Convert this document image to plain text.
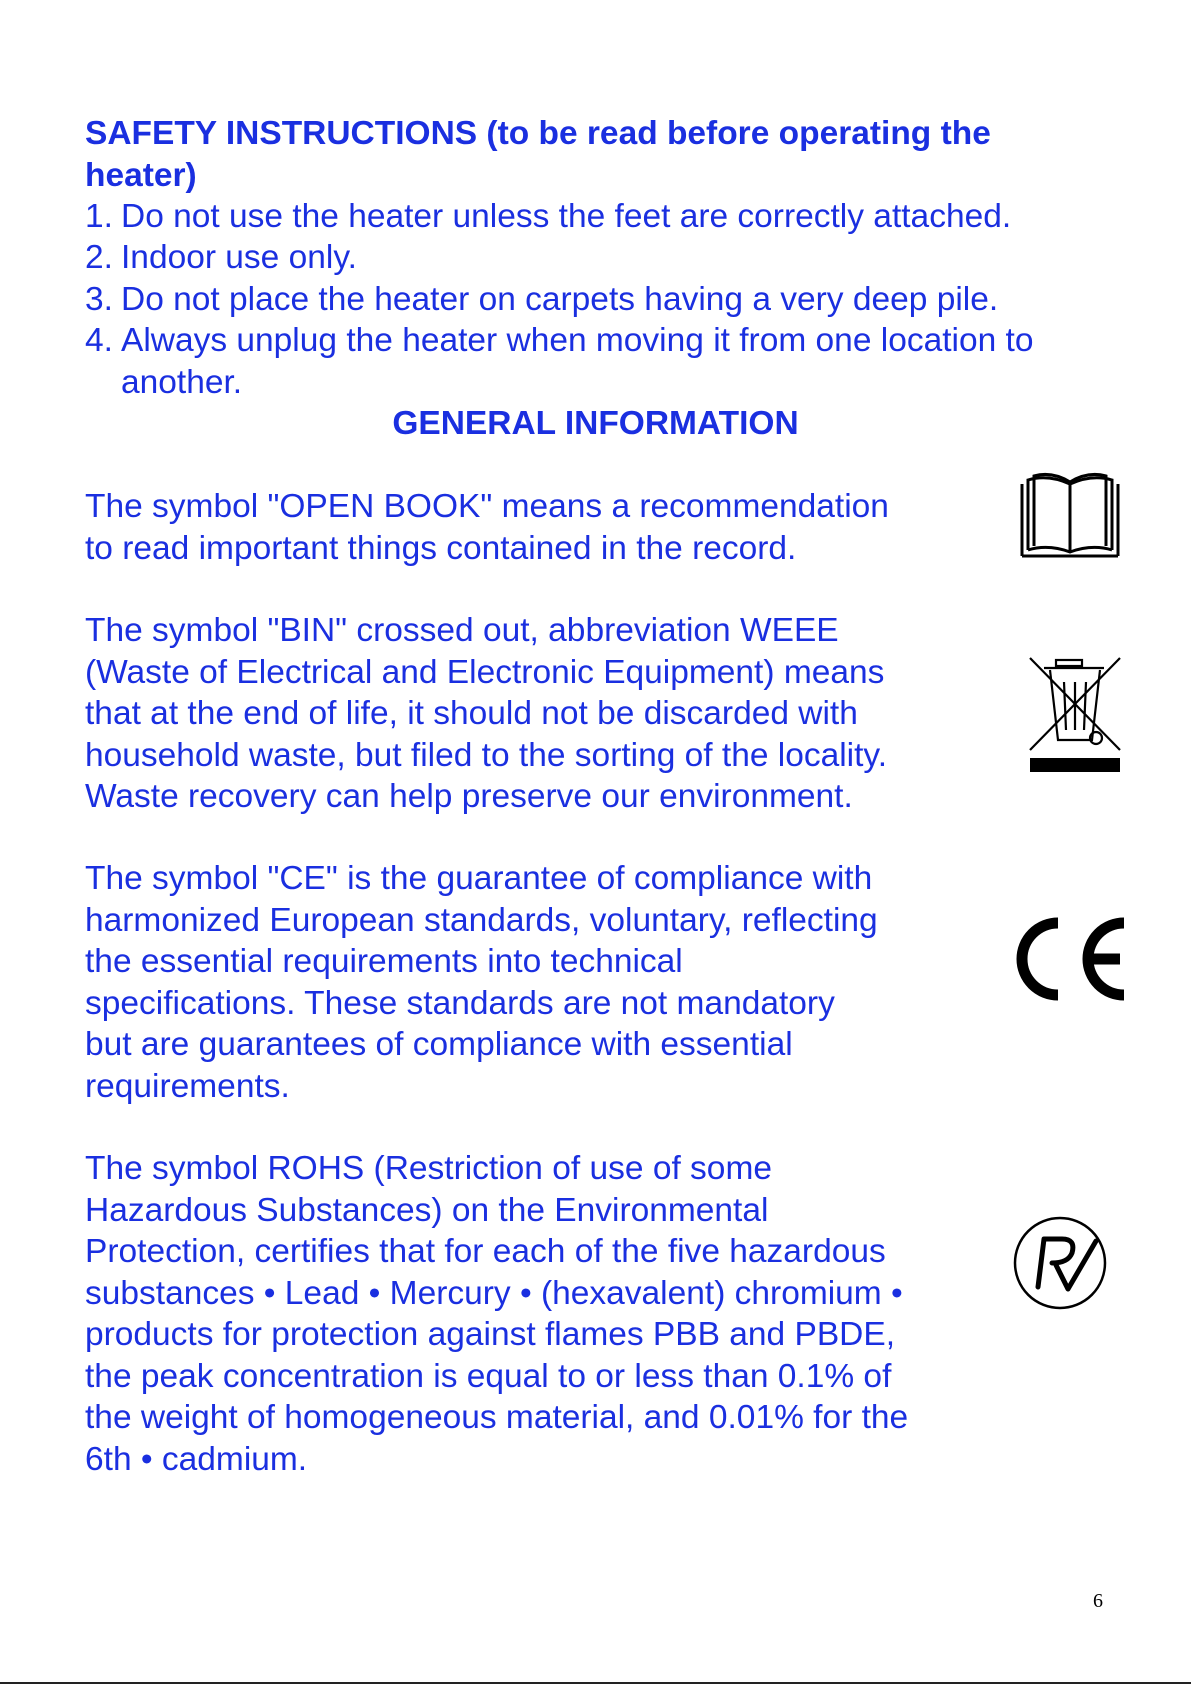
SAFETY INSTRUCTIONS (to be read before operating the
heater)
1. Do not use the heater unless the feet are correctly attached.
2. Indoor use only.
3. Do not place the heater on carpets having a very deep pile.
4. Always unplug the heater when moving it from one location to
another.
GENERAL INFORMATION
The symbol "OPEN BOOK" means a recommendation
to read important things contained in the record.
The symbol "BIN" crossed out, abbreviation WEEE
(Waste of Electrical and Electronic Equipment) means
that at the end of life, it should not be discarded with
household waste, but filed to the sorting of the locality.
Waste recovery can help preserve our environment.
The symbol "CE" is the guarantee of compliance with
harmonized European standards, voluntary, reflecting
the essential requirements into technical
specifications. These standards are not mandatory
but are guarantees of compliance with essential
requirements.
The symbol ROHS (Restriction of use of some
Hazardous Substances) on the Environmental
Protection, certifies that for each of the five hazardous
substances • Lead • Mercury • (hexavalent) chromium •
products for protection against flames PBB and PBDE,
the peak concentration is equal to or less than 0.1% of
the weight of homogeneous material, and 0.01% for the
6th • cadmium.
6
